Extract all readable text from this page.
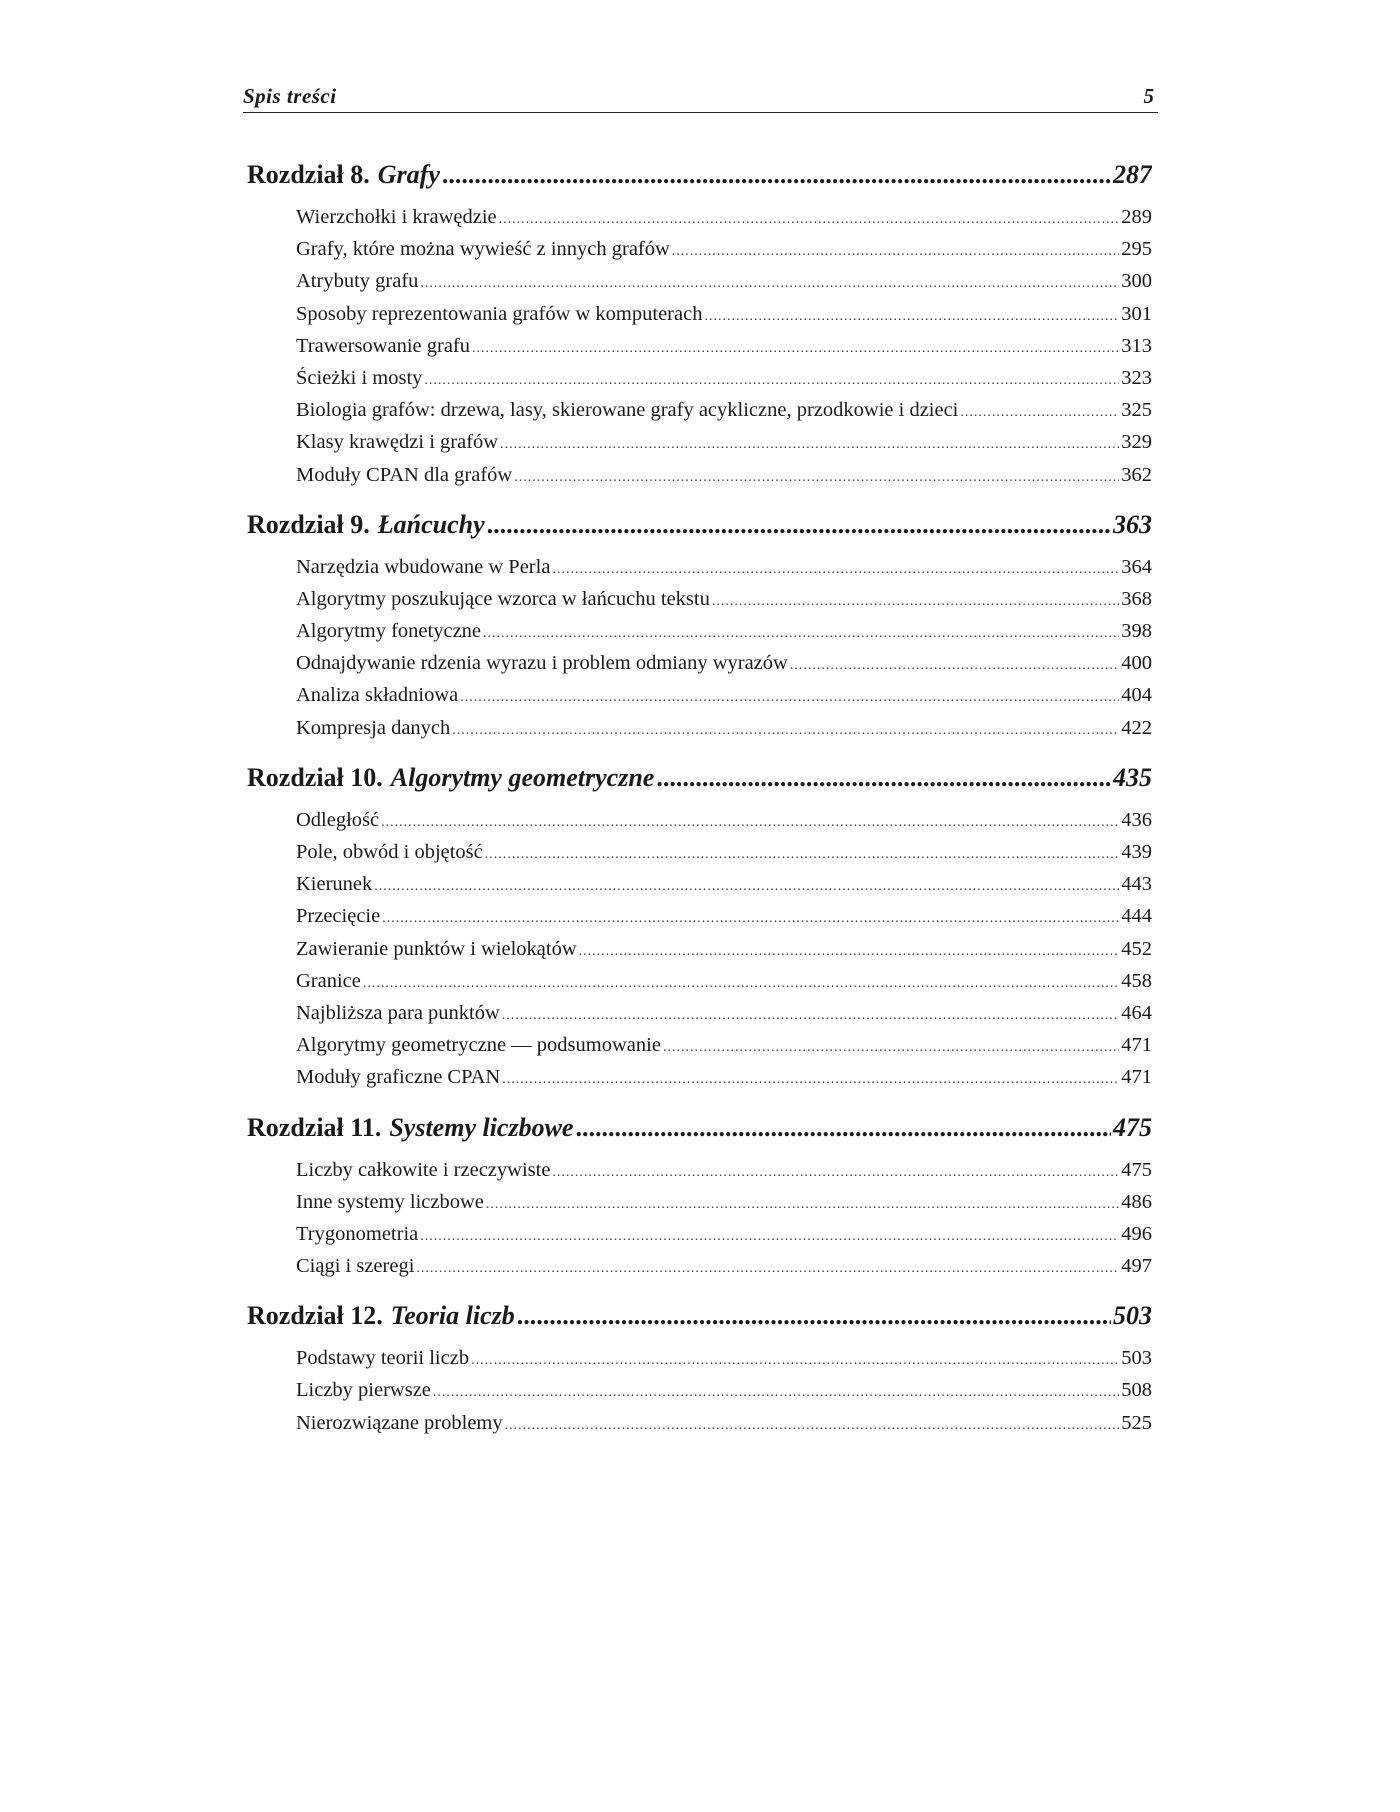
Spis treści	5
Rozdział 8. Grafy .....	287
Wierzchołki i krawędzie .....	289
Grafy, które można wywieść z innych grafów .....	295
Atrybuty grafu .....	300
Sposoby reprezentowania grafów w komputerach .....	301
Trawersowanie grafu .....	313
Ścieżki i mosty .....	323
Biologia grafów: drzewa, lasy, skierowane grafy acykliczne, przodkowie i dzieci .....	325
Klasy krawędzi i grafów .....	329
Moduły CPAN dla grafów .....	362
Rozdział 9. Łańcuchy .....	363
Narzędzia wbudowane w Perla .....	364
Algorytmy poszukujące wzorca w łańcuchu tekstu .....	368
Algorytmy fonetyczne .....	398
Odnajdywanie rdzenia wyrazu i problem odmiany wyrazów .....	400
Analiza składniowa .....	404
Kompresja danych .....	422
Rozdział 10. Algorytmy geometryczne .....	435
Odległość .....	436
Pole, obwód i objętość .....	439
Kierunek .....	443
Przecięcie .....	444
Zawieranie punktów i wielokątów .....	452
Granice .....	458
Najbliższa para punktów .....	464
Algorytmy geometryczne — podsumowanie .....	471
Moduły graficzne CPAN .....	471
Rozdział 11. Systemy liczbowe .....	475
Liczby całkowite i rzeczywiste .....	475
Inne systemy liczbowe .....	486
Trygonometria .....	496
Ciągi i szeregi .....	497
Rozdział 12. Teoria liczb .....	503
Podstawy teorii liczb .....	503
Liczby pierwsze .....	508
Nierozwiązane problemy .....	525
